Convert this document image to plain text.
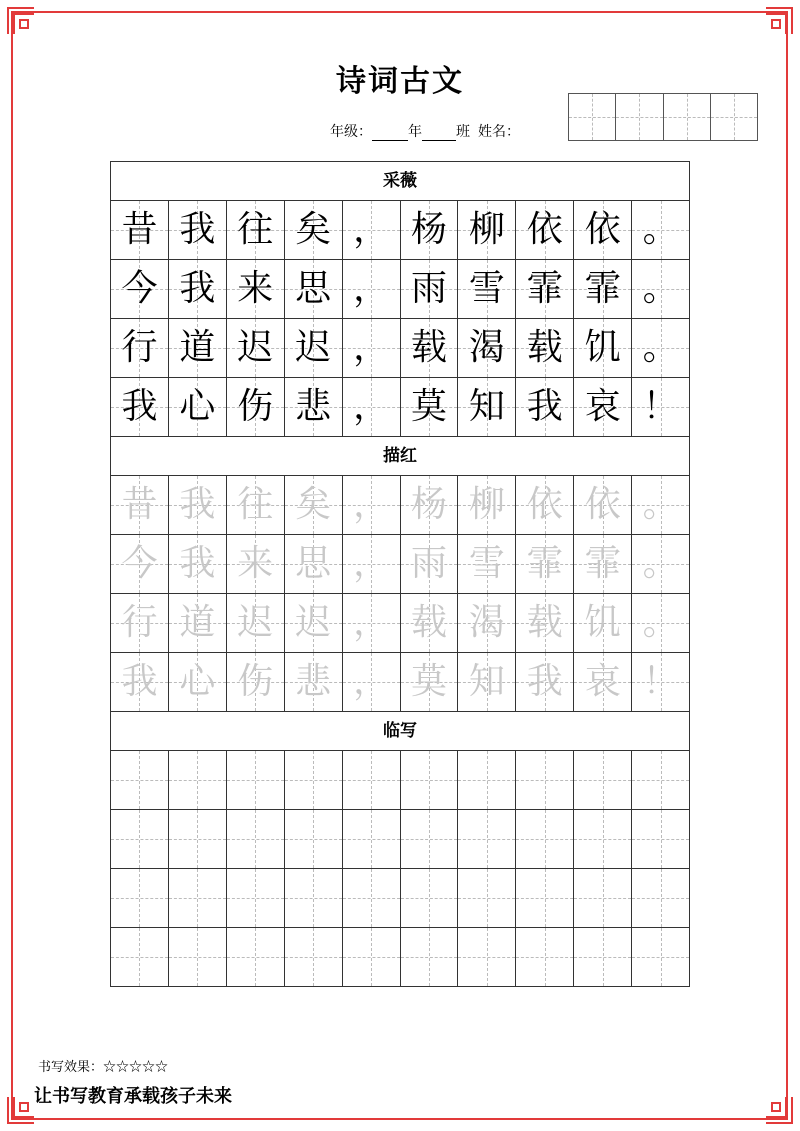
诗词古文
年级：	年 班 姓名：
采薇
昔 我 往 矣 ， 杨 柳 依 依 。
今 我 来 思 ， 雨 雪 霏 霏 。
行 道 迟 迟 ， 载 渴 载 饥 。
我 心 伤 悲 ， 莫 知 我 哀 ！
描红
昔 我 往 矣 ， 杨 柳 依 依 。
今 我 来 思 ， 雨 雪 霏 霏 。
行 道 迟 迟 ， 载 渴 载 饥 。
我 心 伤 悲 ， 莫 知 我 哀 ！
临写
书写效果：☆☆☆☆☆
让书写教育承载孩子未来
